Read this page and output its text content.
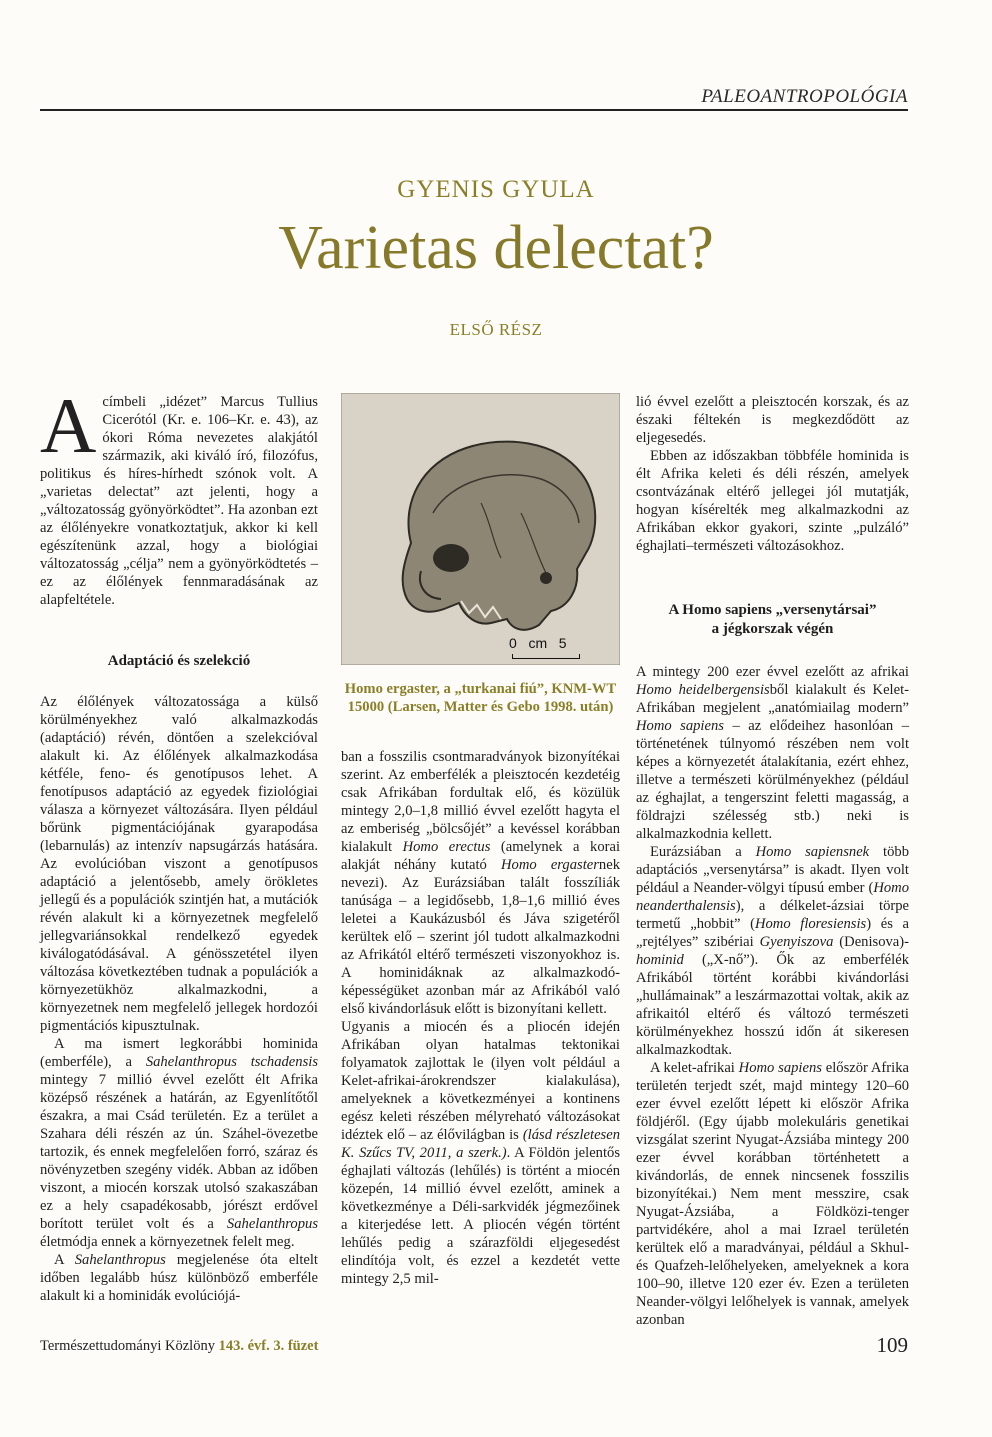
PALEOANTROPOLÓGIA
GYENIS GYULA
Varietas delectat?
ELSŐ RÉSZ

Acímbeli „idézet” Marcus Tullius Cicerótól (Kr. e. 106–Kr. e. 43), az ókori Róma nevezetes alakjától származik, aki kiváló író, filozófus, politikus és híres-hírhedt szónok volt. A „varietas delectat” azt jelenti, hogy a „változatosság gyönyörködtet”. Ha azonban ezt az élőlényekre vonatkoztatjuk, akkor ki kell egészítenünk azzal, hogy a biológiai változatosság „célja” nem a gyönyörködtetés – ez az élőlények fennmaradásának az alapfeltétele.

Adaptáció és szelekció

Az élőlények változatossága a külső körülményekhez való alkalmazkodás (adaptáció) révén, döntően a szelekcióval alakult ki. Az élőlények alkalmazkodása kétféle, feno- és genotípusos lehet. A fenotípusos adaptáció az egyedek fiziológiai válasza a környezet változására. Ilyen például bőrünk pigmentációjának gyarapodása (lebarnulás) az intenzív napsugárzás hatására. Az evolúcióban viszont a genotípusos adaptáció a jelentősebb, amely örökletes jellegű és a populációk szintjén hat, a mutációk révén alakult ki a környezetnek megfelelő jellegvariánsokkal rendelkező egyedek kiválogatódásával. A génösszetétel ilyen változása következtében tudnak a populációk a környezetükhöz alkalmazkodni, a környezetnek nem megfelelő jellegek hordozói pigmentációs kipusztulnak.

A ma ismert legkorábbi hominida (emberféle), a Sahelanthropus tschadensis mintegy 7 millió évvel ezelőtt élt Afrika középső részének a határán, az Egyenlítőtől északra, a mai Csád területén. Ez a terület a Szahara déli részén az ún. Száhel-övezetbe tartozik, és ennek megfelelően forró, száraz és növényzetben szegény vidék. Abban az időben viszont, a miocén korszak utolsó szakaszában ez a hely csapadékosabb, jórészt erdővel borított terület volt és a Sahelanthropus életmódja ennek a környezetnek felelt meg.

A Sahelanthropus megjelenése óta eltelt időben legalább húsz különböző emberféle alakult ki a hominidák evolúciójá-

0   cm   5
Homo ergaster, a „turkanai fiú”, KNM-WT 15000 (Larsen, Matter és Gebo 1998. után)

ban a fosszilis csontmaradványok bizonyítékai szerint. Az emberfélék a pleisztocén kezdetéig csak Afrikában fordultak elő, és közülük mintegy 2,0–1,8 millió évvel ezelőtt hagyta el az emberiség „bölcsőjét” a kevéssel korábban kialakult Homo erectus (amelynek a korai alakját néhány kutató Homo ergasternek nevezi). Az Eurázsiában talált fosszíliák tanúsága – a legidősebb, 1,8–1,6 millió éves leletei a Kaukázusból és Jáva szigetéről kerültek elő – szerint jól tudott alkalmazkodni az Afrikától eltérő természeti viszonyokhoz is. A hominidáknak az alkalmazkodó-képességüket azonban már az Afrikából való első kivándorlásuk előtt is bizonyítani kellett.

Ugyanis a miocén és a pliocén idején Afrikában olyan hatalmas tektonikai folyamatok zajlottak le (ilyen volt például a Kelet-afrikai-árokrendszer kialakulása), amelyeknek a következményei a kontinens egész keleti részében mélyreható változásokat idéztek elő – az élővilágban is (lásd részletesen K. Szűcs TV, 2011, a szerk.). A Földön jelentős éghajlati változás (lehűlés) is történt a miocén közepén, 14 millió évvel ezelőtt, aminek a következménye a Déli-sarkvidék jégmezőinek a kiterjedése lett. A pliocén végén történt lehűlés pedig a szárazföldi eljegesedést elindítója volt, és ezzel a kezdetét vette mintegy 2,5 mil-

lió évvel ezelőtt a pleisztocén korszak, és az északi féltekén is megkezdődött az eljegesedés.

Ebben az időszakban többféle hominida is élt Afrika keleti és déli részén, amelyek csontvázának eltérő jellegei jól mutatják, hogyan kísérelték meg alkalmazkodni az Afrikában ekkor gyakori, szinte „pulzáló” éghajlati–természeti változásokhoz.

A Homo sapiens „versenytársai”
a jégkorszak végén

A mintegy 200 ezer évvel ezelőtt az afrikai Homo heidelbergensisből kialakult és Kelet-Afrikában megjelent „anatómiailag modern” Homo sapiens – az elődeihez hasonlóan – történetének túlnyomó részében nem volt képes a környezetét átalakítania, ezért ehhez, illetve a természeti körülményekhez (például az éghajlat, a tengerszint feletti magasság, a földrajzi szélesség stb.) neki is alkalmazkodnia kellett.

Eurázsiában a Homo sapiensnek több adaptációs „versenytársa” is akadt. Ilyen volt például a Neander-völgyi típusú ember (Homo neanderthalensis), a délkelet-ázsiai törpe termetű „hobbit” (Homo floresiensis) és a „rejtélyes” szibériai Gyenyiszova (Denisova)-hominid („X-nő”). Ők az emberfélék Afrikából történt korábbi kivándorlási „hullámainak” a leszármazottai voltak, akik az afrikaitól eltérő és változó természeti körülményekhez hosszú időn át sikeresen alkalmazkodtak.

A kelet-afrikai Homo sapiens először Afrika területén terjedt szét, majd mintegy 120–60 ezer évvel ezelőtt lépett ki először Afrika földjéről. (Egy újabb molekuláris genetikai vizsgálat szerint Nyugat-Ázsiába mintegy 200 ezer évvel korábban történhetett a kivándorlás, de ennek nincsenek fosszilis bizonyítékai.) Nem ment messzire, csak Nyugat-Ázsiába, a Földközi-tenger partvidékére, ahol a mai Izrael területén kerültek elő a maradványai, például a Skhul- és Quafzeh-lelőhelyeken, amelyeknek a kora 100–90, illetve 120 ezer év. Ezen a területen Neander-völgyi lelőhelyek is vannak, amelyek azonban

Természettudományi Közlöny 143. évf. 3. füzet	109
